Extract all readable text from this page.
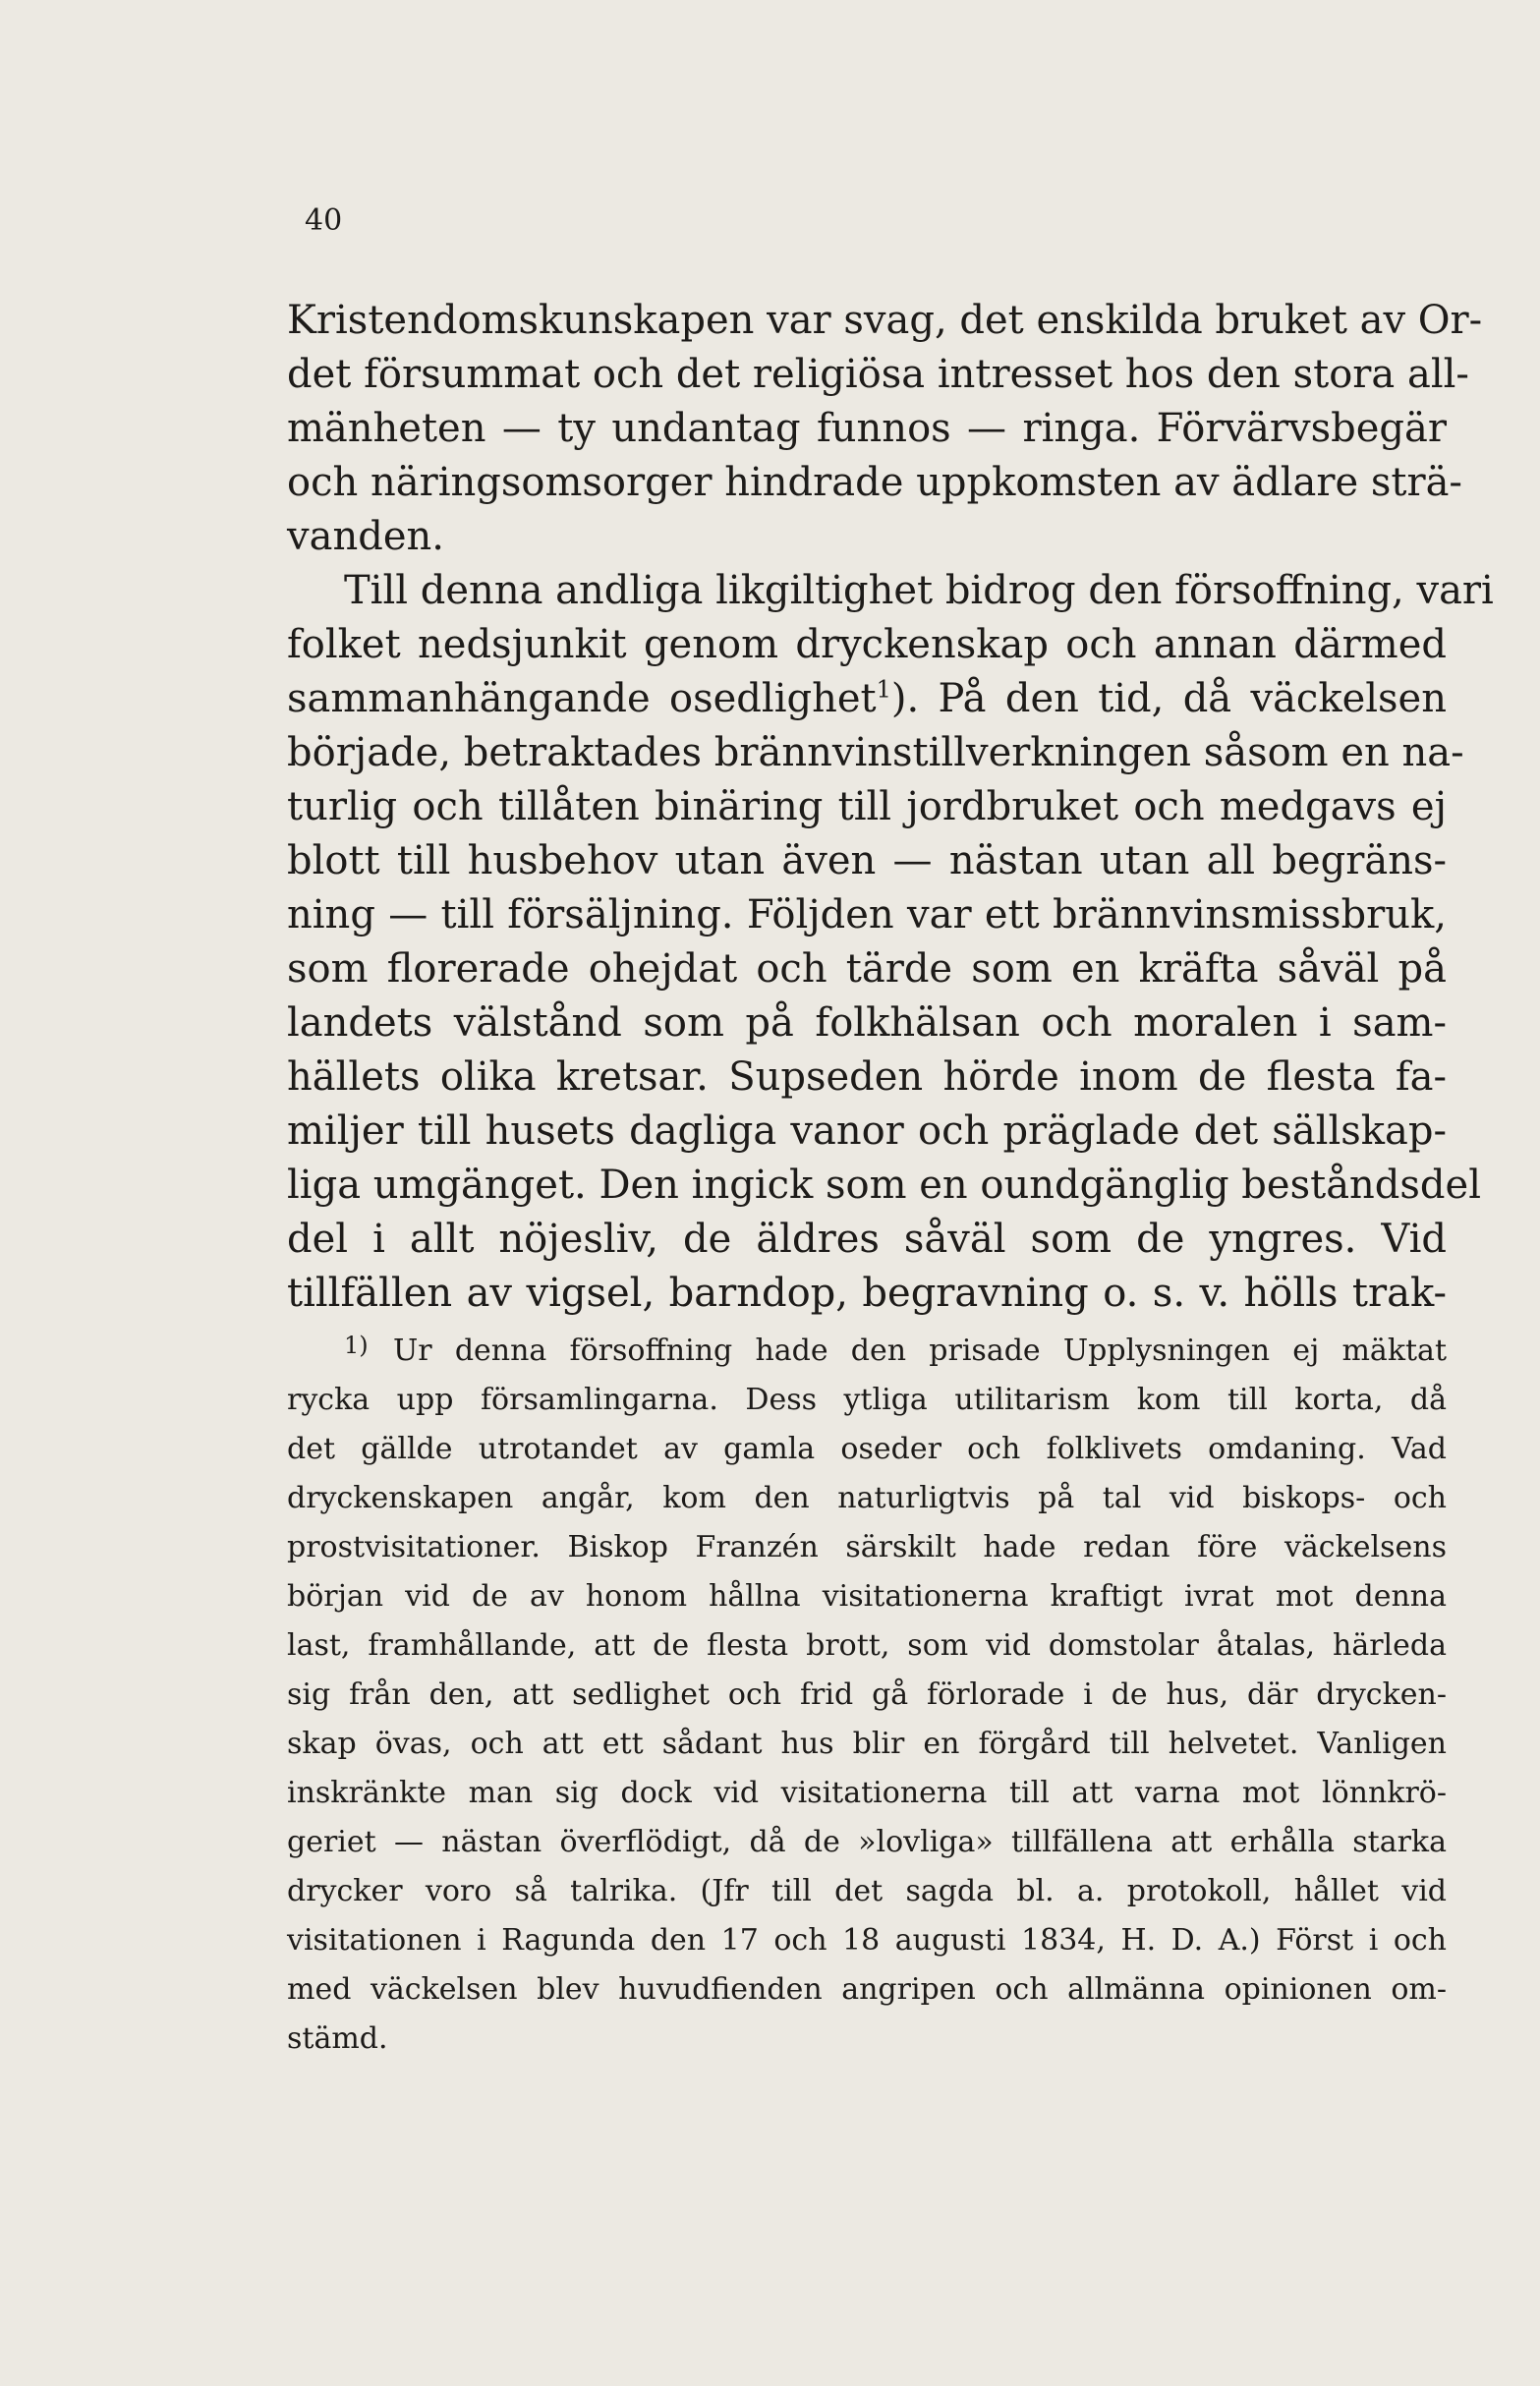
40
Kristendomskunskapen var svag, det enskilda bruket av Or-
det försummat och det religiösa intresset hos den stora all-
mänheten — ty undantag funnos — ringa. Förvärvsbegär
och näringsomsorger hindrade uppkomsten av ädlare strä-
vanden.
Till denna andliga likgiltighet bidrog den försoffning, vari
folket nedsjunkit genom dryckenskap och annan därmed
sammanhängande osedlighet$^1$). På den tid, då väckelsen
började, betraktades brännvinstillverkningen såsom en na-
turlig och tillåten binäring till jordbruket och medgavs ej
blott till husbehov utan även — nästan utan all begräns-
ning — till försäljning. Följden var ett brännvinsmissbruk,
som florerade ohejdat och tärde som en kräfta såväl på
landets välstånd som på folkhälsan och moralen i sam-
hällets olika kretsar. Supseden hörde inom de flesta fa-
miljer till husets dagliga vanor och präglade det sällskap-
liga umgänget. Den ingick som en oundgänglig beståndsdel
del i allt nöjesliv, de äldres såväl som de yngres. Vid
tillfällen av vigsel, barndop, begravning o. s. v. hölls trak-
1) Ur denna försoffning hade den prisade Upplysningen ej mäktat
rycka upp församlingarna. Dess ytliga utilitarism kom till korta, då
det gällde utrotandet av gamla oseder och folklivets omdaning. Vad
dryckenskapen angår, kom den naturligtvis på tal vid biskops- och
prostvisitationer. Biskop Franzén särskilt hade redan före väckelsens
början vid de av honom hållna visitationerna kraftigt ivrat mot denna
last, framhållande, att de flesta brott, som vid domstolar åtalas, härleda
sig från den, att sedlighet och frid gå förlorade i de hus, där drycken-
skap övas, och att ett sådant hus blir en förgård till helvetet. Vanligen
inskränkte man sig dock vid visitationerna till att varna mot lönnkrö-
geriet — nästan överflödigt, då de »lovliga» tillfällena att erhålla starka
drycker voro så talrika. (Jfr till det sagda bl. a. protokoll, hållet vid
visitationen i Ragunda den 17 och 18 augusti 1834, H. D. A.) Först i och
med väckelsen blev huvudfienden angripen och allmänna opinionen om-
stämd.
